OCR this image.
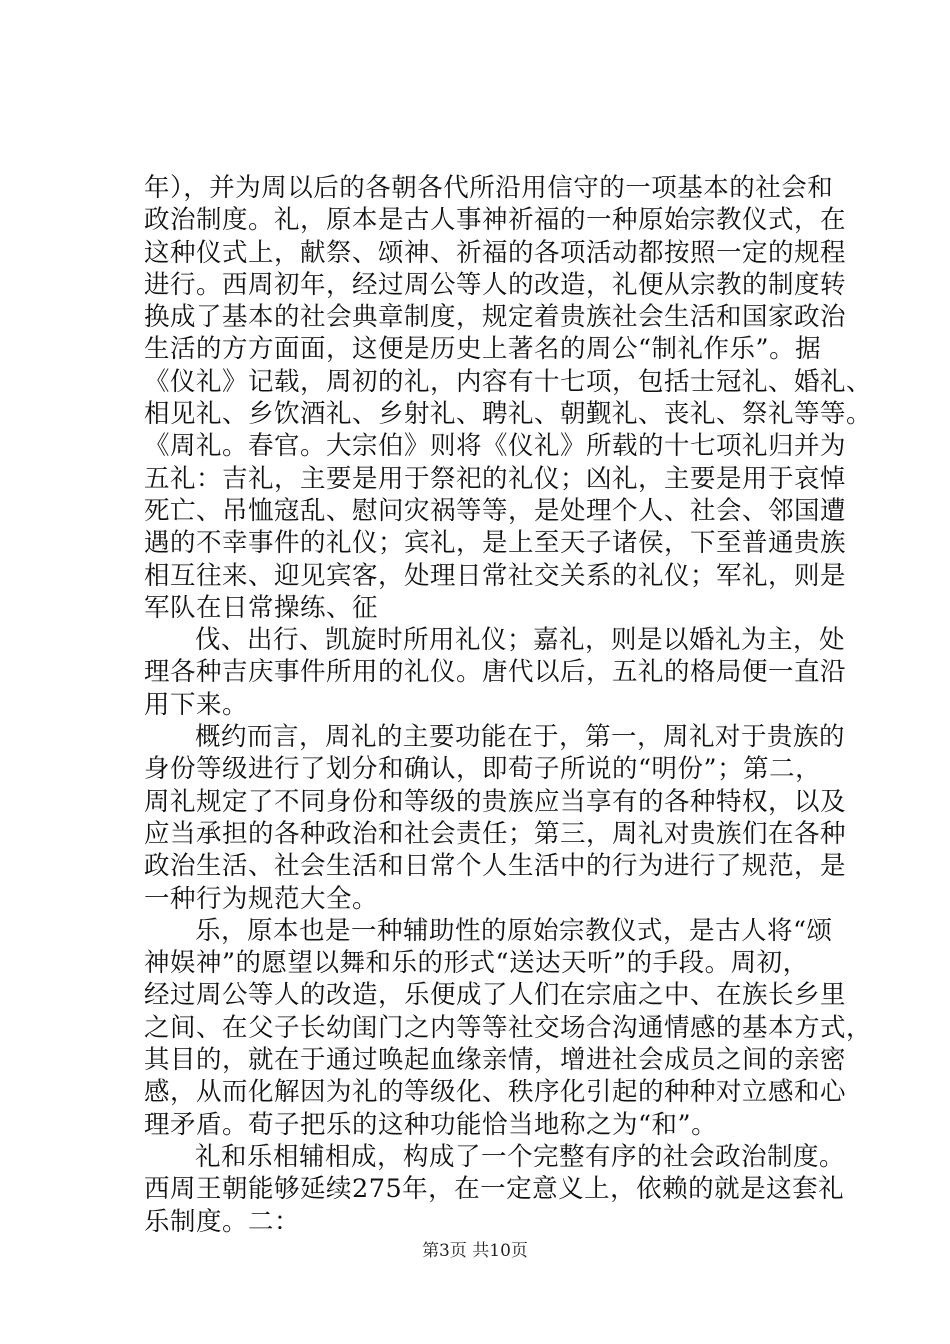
年），并为周以后的各朝各代所沿用信守的一项基本的社会和
政治制度。礼，原本是古人事神祈福的一种原始宗教仪式，在
这种仪式上，献祭、颂神、祈福的各项活动都按照一定的规程
进行。西周初年，经过周公等人的改造，礼便从宗教的制度转
换成了基本的社会典章制度，规定着贵族社会生活和国家政治
生活的方方面面，这便是历史上著名的周公“制礼作乐”。据
《仪礼》记载，周初的礼，内容有十七项，包括士冠礼、婚礼、
相见礼、乡饮酒礼、乡射礼、聘礼、朝觐礼、丧礼、祭礼等等。
《周礼。春官。大宗伯》则将《仪礼》所载的十七项礼归并为
五礼：吉礼，主要是用于祭祀的礼仪；凶礼，主要是用于哀悼
死亡、吊恤寇乱、慰问灾祸等等，是处理个人、社会、邻国遭
遇的不幸事件的礼仪；宾礼，是上至天子诸侯，下至普通贵族
相互往来、迎见宾客，处理日常社交关系的礼仪；军礼，则是
军队在日常操练、征
伐、出行、凯旋时所用礼仪；嘉礼，则是以婚礼为主，处
理各种吉庆事件所用的礼仪。唐代以后，五礼的格局便一直沿
用下来。
概约而言，周礼的主要功能在于，第一，周礼对于贵族的
身份等级进行了划分和确认，即荀子所说的“明份”；第二，
周礼规定了不同身份和等级的贵族应当享有的各种特权，以及
应当承担的各种政治和社会责任；第三，周礼对贵族们在各种
政治生活、社会生活和日常个人生活中的行为进行了规范，是
一种行为规范大全。
乐，原本也是一种辅助性的原始宗教仪式，是古人将“颂
神娱神”的愿望以舞和乐的形式“送达天听”的手段。周初，
经过周公等人的改造，乐便成了人们在宗庙之中、在族长乡里
之间、在父子长幼闺门之内等等社交场合沟通情感的基本方式，
其目的，就在于通过唤起血缘亲情，增进社会成员之间的亲密
感，从而化解因为礼的等级化、秩序化引起的种种对立感和心
理矛盾。荀子把乐的这种功能恰当地称之为“和”。
礼和乐相辅相成，构成了一个完整有序的社会政治制度。
西周王朝能够延续275年，在一定意义上，依赖的就是这套礼
乐制度。二：
第3页 共10页
